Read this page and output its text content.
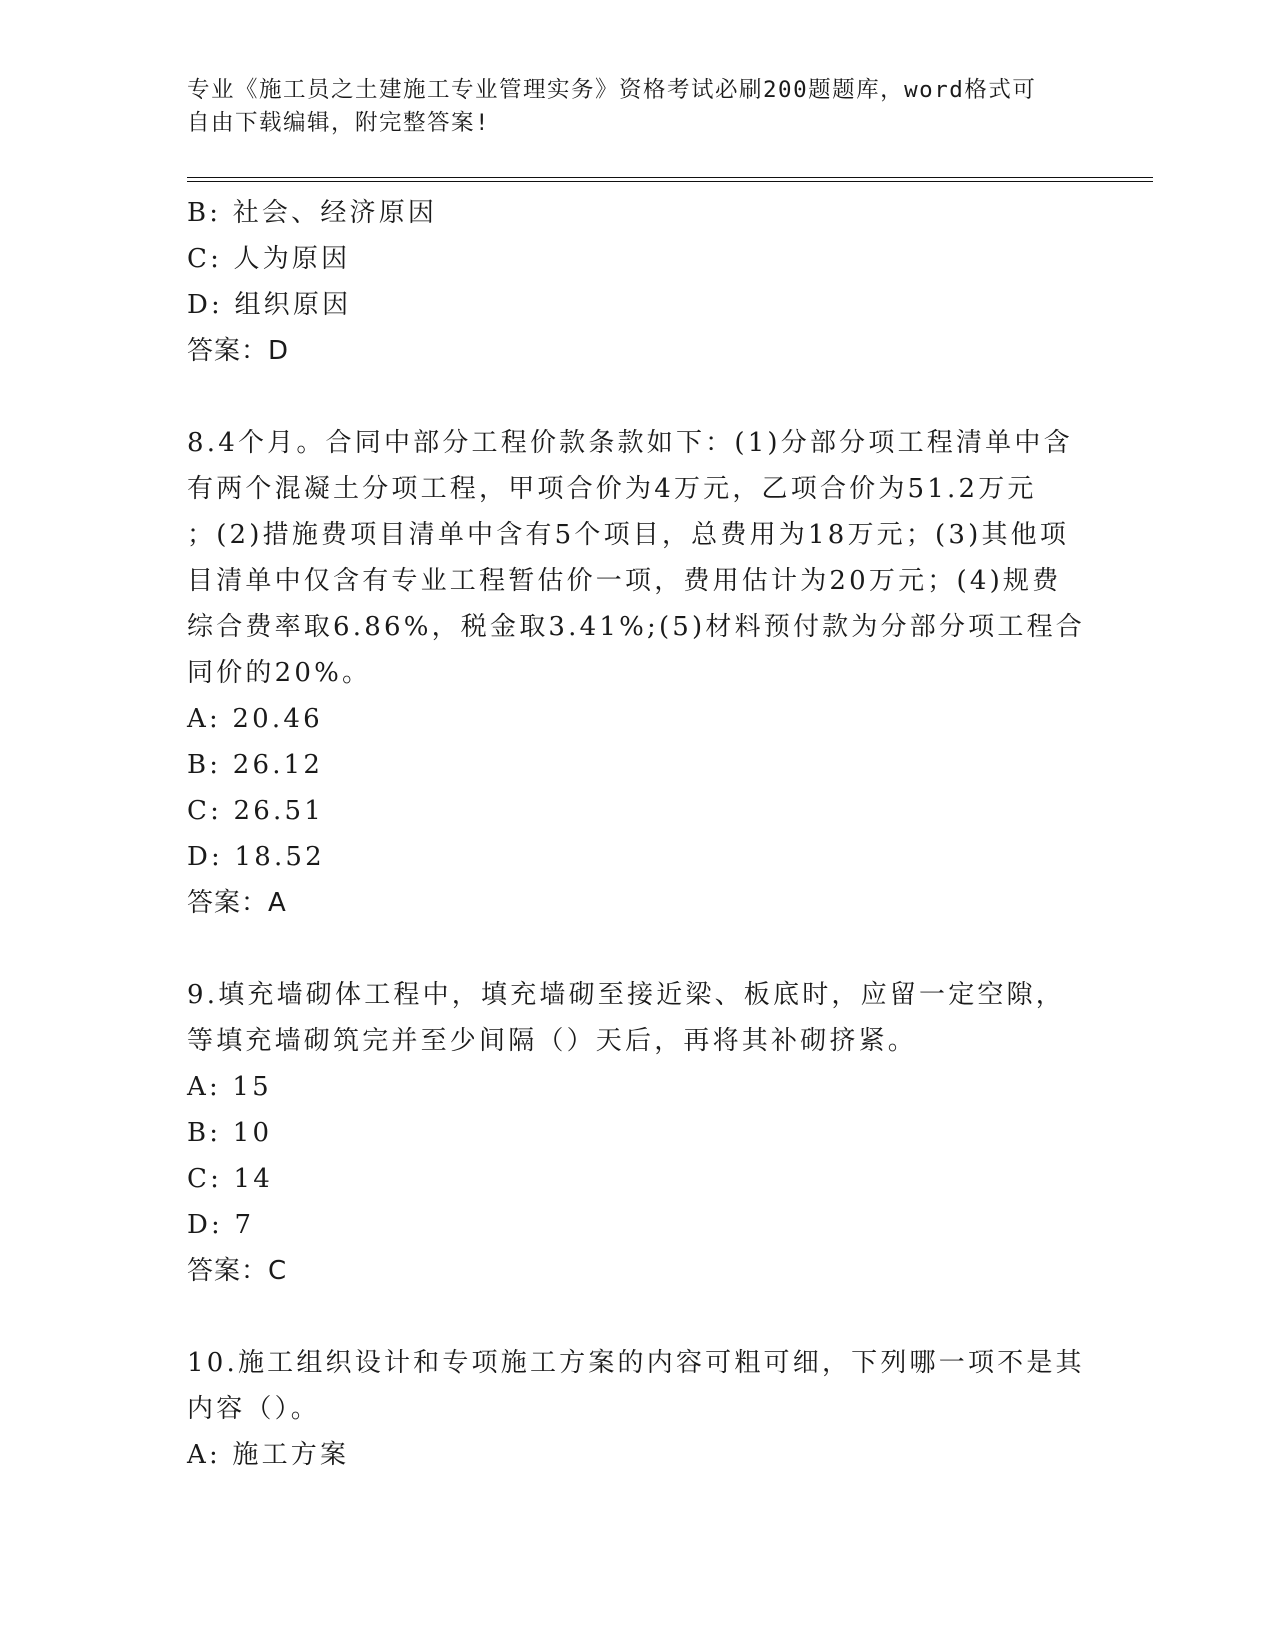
专业《施工员之土建施工专业管理实务》资格考试必刷200题题库，word格式可
自由下载编辑，附完整答案!
B: 社会、经济原因
C: 人为原因
D: 组织原因
答案：D
8.4个月。合同中部分工程价款条款如下：(1)分部分项工程清单中含
有两个混凝土分项工程，甲项合价为4万元，乙项合价为51.2万元
；(2)措施费项目清单中含有5个项目，总费用为18万元；(3)其他项
目清单中仅含有专业工程暂估价一项，费用估计为20万元；(4)规费
综合费率取6.86%，税金取3.41%;(5)材料预付款为分部分项工程合
同价的20%。
A: 20.46
B: 26.12
C: 26.51
D: 18.52
答案：A
9.填充墙砌体工程中，填充墙砌至接近梁、板底时，应留一定空隙，
等填充墙砌筑完并至少间隔（）天后，再将其补砌挤紧。
A: 15
B: 10
C: 14
D: 7
答案：C
10.施工组织设计和专项施工方案的内容可粗可细，下列哪一项不是其
内容（）。
A: 施工方案
